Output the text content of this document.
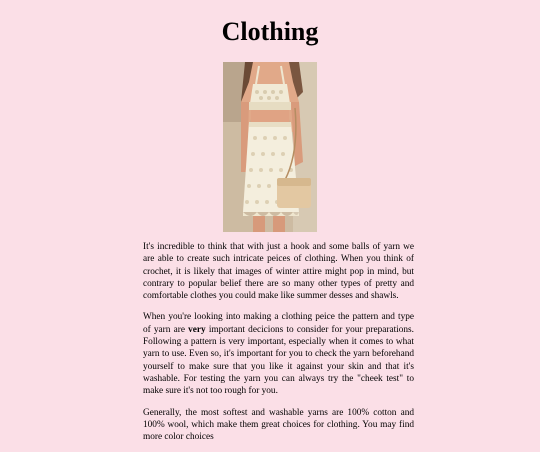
Clothing

It's incredible to think that with just a hook and some balls of yarn we are able to create such intricate peices of clothing. When you think of crochet, it is likely that images of winter attire might pop in mind, but contrary to popular belief there are so many other types of pretty and comfortable clothes you could make like summer desses and shawls.

When you're looking into making a clothing peice the pattern and type of yarn are very important decicions to consider for your preparations. Following a pattern is very important, especially when it comes to what yarn to use. Even so, it's important for you to check the yarn beforehand yourself to make sure that you like it against your skin and that it's washable. For testing the yarn you can always try the "cheek test" to make sure it's not too rough for you.

Generally, the most softest and washable yarns are 100% cotton and 100% wool, which make them great choices for clothing. You may find more color choices
